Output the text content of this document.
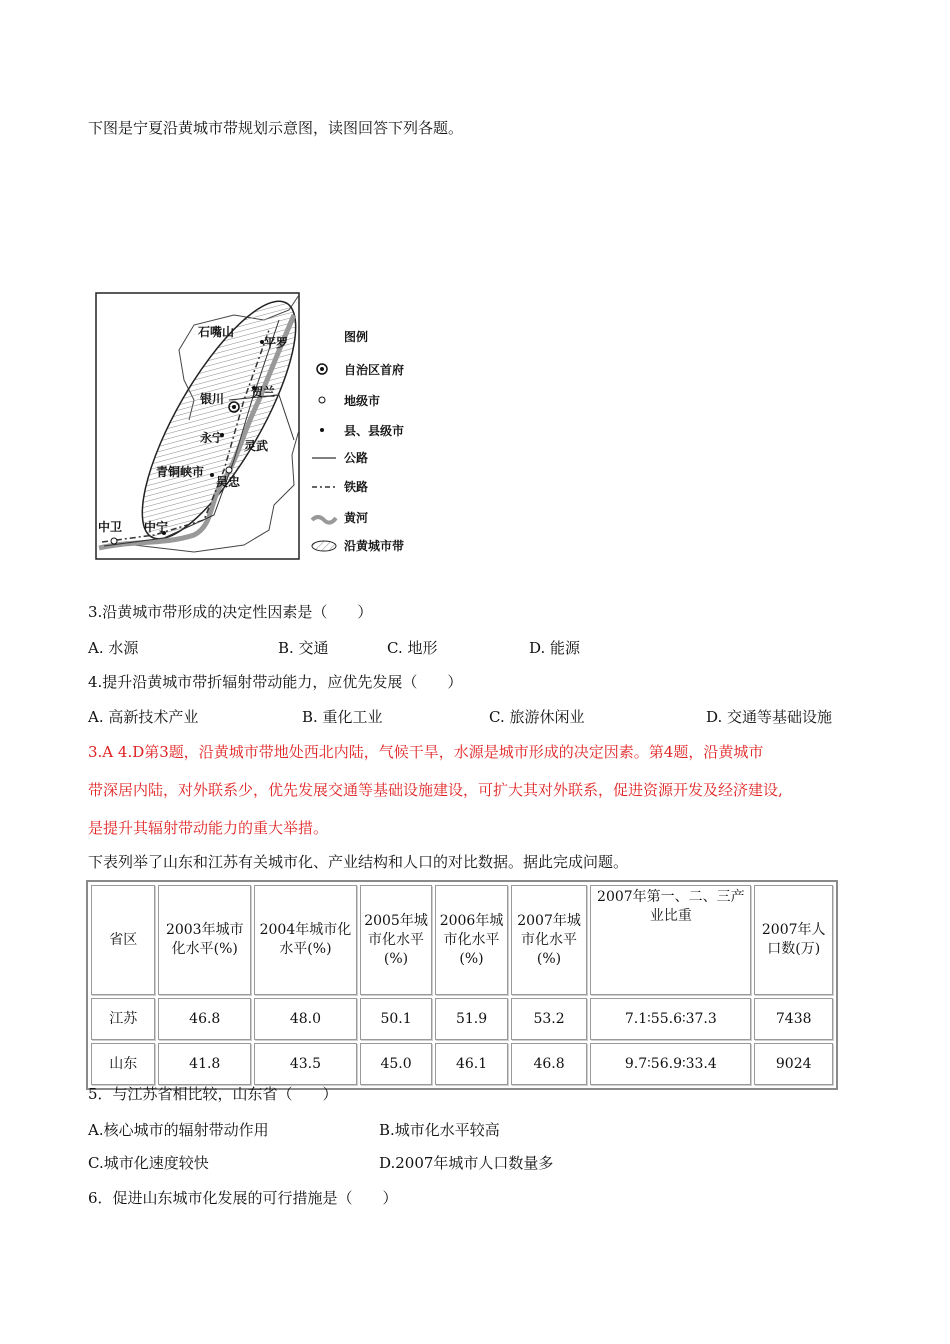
下图是宁夏沿黄城市带规划示意图，读图回答下列各题。
石嘴山
平罗
贺兰
银川
永宁
灵武
青铜峡市
吴忠
中卫 中宁
图例
自治区首府
地级市
县、县级市
公路
铁路
黄河
沿黄城市带
3.沿黄城市带形成的决定性因素是（　　）
A. 水源	B. 交通	C. 地形	D. 能源
4.提升沿黄城市带折辐射带动能力，应优先发展（　　）
A. 高新技术产业	B. 重化工业	C. 旅游休闲业	D. 交通等基础设施
3.A 4.D第3题，沿黄城市带地处西北内陆，气候干旱，水源是城市形成的决定因素。第4题，沿黄城市
带深居内陆，对外联系少，优先发展交通等基础设施建设，可扩大其对外联系，促进资源开发及经济建设,
是提升其辐射带动能力的重大举措。
下表列举了山东和江苏有关城市化、产业结构和人口的对比数据。据此完成问题。
省区	2003年城市化水平(%)	2004年城市化水平(%)	2005年城市化水平(%)	2006年城市化水平(%)	2007年城市化水平(%)	2007年第一、二、三产业比重	2007年人口数(万)
江苏	46.8	48.0	50.1	51.9	53.2	7.1∶55.6∶37.3	7438
山东	41.8	43.5	45.0	46.1	46.8	9.7∶56.9∶33.4	9024
5．与江苏省相比较，山东省（　　）
A.核心城市的辐射带动作用	B.城市化水平较高
C.城市化速度较快	D.2007年城市人口数量多
6．促进山东城市化发展的可行措施是（　　）
